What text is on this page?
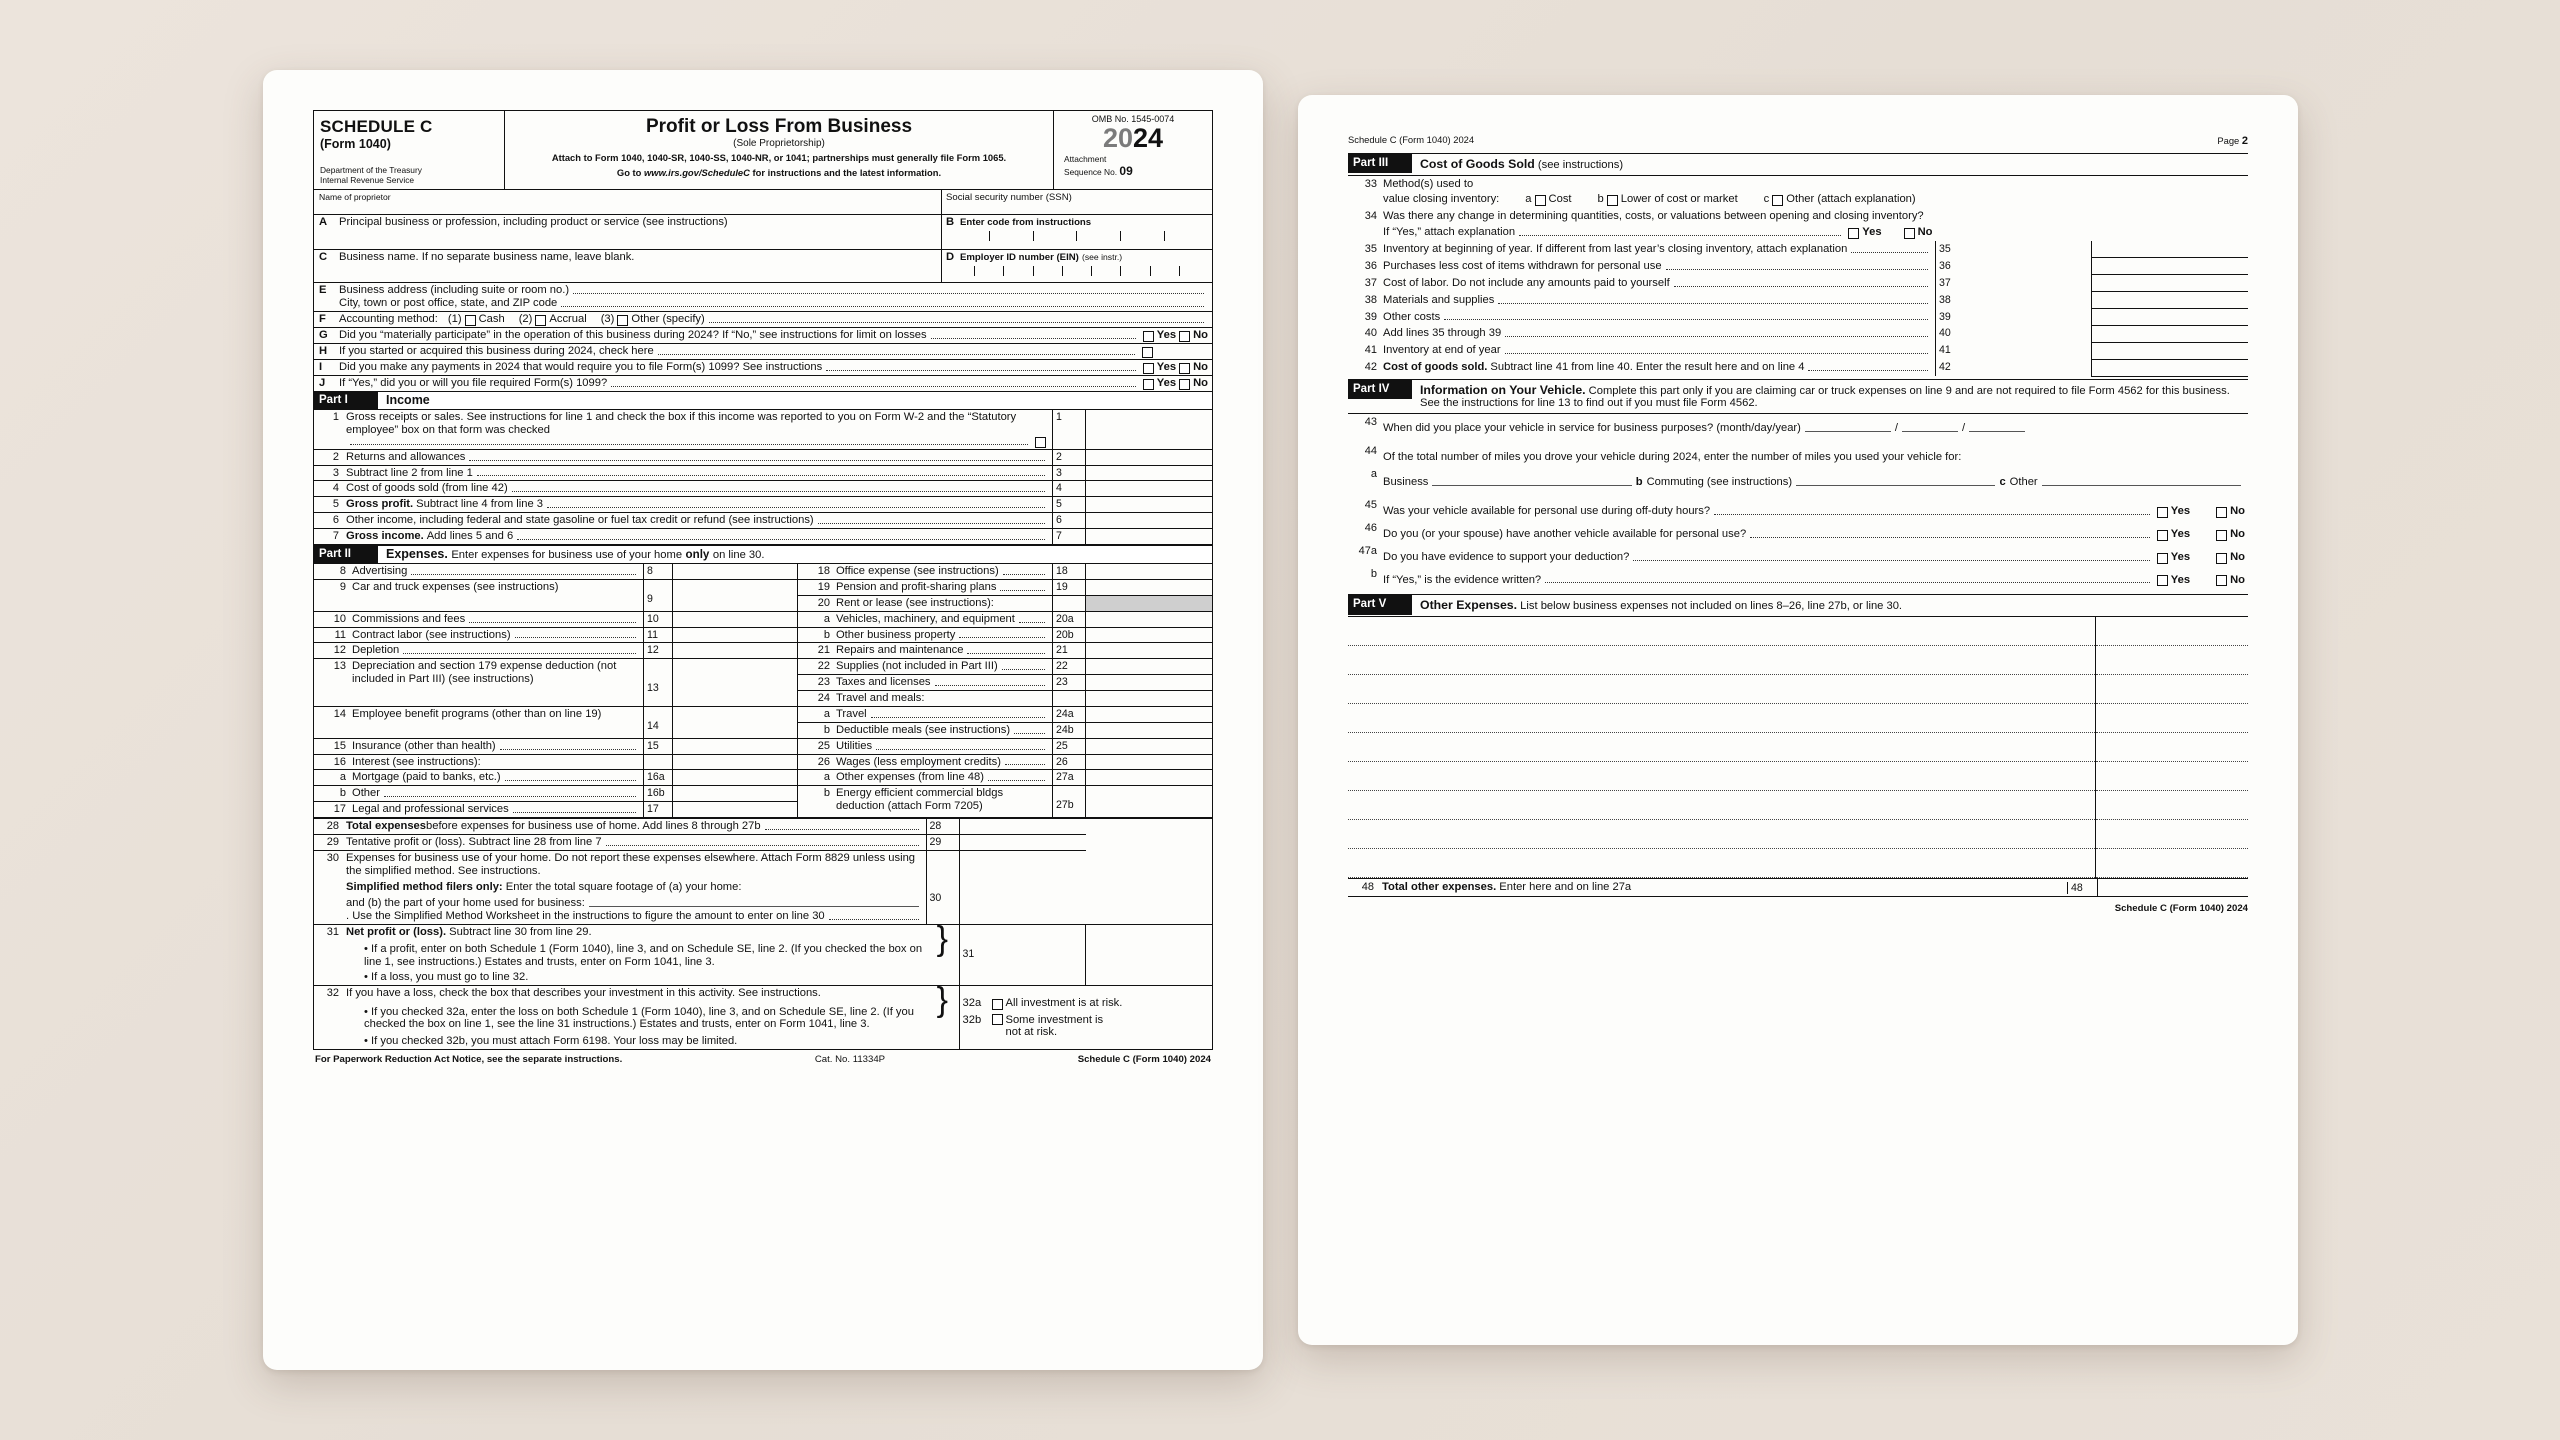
SCHEDULE C
(Form 1040)
Department of the Treasury
Internal Revenue Service
Profit or Loss From Business
(Sole Proprietorship)
Attach to Form 1040, 1040-SR, 1040-SS, 1040-NR, or 1041; partnerships must generally file Form 1065.
Go to www.irs.gov/ScheduleC for instructions and the latest information.
OMB No. 1545-0074
2024
Attachment
Sequence No. 09
Name of proprietor	Social security number (SSN)
A Principal business or profession, including product or service (see instructions)	B Enter code from instructions
C Business name. If no separate business name, leave blank.	D Employer ID number (EIN) (see instr.)
E	Business address (including suite or room no.)
City, town or post office, state, and ZIP code
F	Accounting method: (1) Cash (2) Accrual (3) Other (specify)
G	Did you “materially participate” in the operation of this business during 2024? If “No,” see instructions for limit on losses	Yes No
H	If you started or acquired this business during 2024, check here
I	Did you make any payments in 2024 that would require you to file Form(s) 1099? See instructions	Yes No
J	If “Yes,” did you or will you file required Form(s) 1099?	Yes No
Part I	Income
1	Gross receipts or sales. See instructions for line 1 and check the box if this income was reported to you on Form W-2 and the “Statutory employee” box on that form was checked	1	
2	Returns and allowances	2	
3	Subtract line 2 from line 1	3	
4	Cost of goods sold (from line 42)	4	
5	Gross profit. Subtract line 4 from line 3	5	
6	Other income, including federal and state gasoline or fuel tax credit or refund (see instructions)	6	
7	Gross income. Add lines 5 and 6	7	
Part II	Expenses. Enter expenses for business use of your home only on line 30.
8	Advertising	8		18	Office expense (see instructions)	18	
9	Car and truck expenses (see instructions)	9		19	Pension and profit-sharing plans	19	
				20	Rent or lease (see instructions):		
10	Commissions and fees	10		a	Vehicles, machinery, and equipment	20a	
11	Contract labor (see instructions)	11		b	Other business property	20b	
12	Depletion	12		21	Repairs and maintenance	21	
13	Depreciation and section 179 expense deduction (not included in Part III) (see instructions)	13		22	Supplies (not included in Part III)	22	
				23	Taxes and licenses	23	
				24	Travel and meals:		
14	Employee benefit programs (other than on line 19)	14		a	Travel	24a	
				b	Deductible meals (see instructions)	24b	
15	Insurance (other than health)	15		25	Utilities	25	
16	Interest (see instructions):			26	Wages (less employment credits)	26	
a	Mortgage (paid to banks, etc.)	16a		a	Other expenses (from line 48)	27a	
b	Other	16b		b	Energy efficient commercial bldgs deduction (attach Form 7205)	27b	

17	Legal and professional services	17					
28	Total expenses before expenses for business use of home. Add lines 8 through 27b	28		
29	Tentative profit or (loss). Subtract line 28 from line 7	29		
30	Expenses for business use of your home. Do not report these expenses elsewhere. Attach Form 8829 unless using the simplified method. See instructions.
Simplified method filers only: Enter the total square footage of (a) your home:
and (b) the part of your home used for business:
. Use the Simplified Method Worksheet in the instructions to figure the amount to enter on line 30	30		

31	Net profit or (loss). Subtract line 30 from line 29.
• If a profit, enter on both Schedule 1 (Form 1040), line 3, and on Schedule SE, line 2. (If you checked the box on line 1, see instructions.) Estates and trusts, enter on Form 1041, line 3.
• If a loss, you must go to line 32.	}	31	

32	If you have a loss, check the box that describes your investment in this activity. See instructions.
• If you checked 32a, enter the loss on both Schedule 1 (Form 1040), line 3, and on Schedule SE, line 2. (If you checked the box on line 1, see the line 31 instructions.) Estates and trusts, enter on Form 1041, line 3.
• If you checked 32b, you must attach Form 6198. Your loss may be limited.
	}	32a	All investment is at risk.
32b	Some investment is not at risk.
For Paperwork Reduction Act Notice, see the separate instructions.	Cat. No. 11334P	Schedule C (Form 1040) 2024
Schedule C (Form 1040) 2024	Page 2
Part III	Cost of Goods Sold (see instructions)
33	Method(s) used to
value closing inventory: a Cost b Lower of cost or market c Other (attach explanation)

34	Was there any change in determining quantities, costs, or valuations between opening and closing inventory?
If “Yes,” attach explanation Yes No		

35	Inventory at beginning of year. If different from last year’s closing inventory, attach explanation	35	
36	Purchases less cost of items withdrawn for personal use	36	
37	Cost of labor. Do not include any amounts paid to yourself	37	
38	Materials and supplies	38	
39	Other costs	39	
40	Add lines 35 through 39	40	
41	Inventory at end of year	41	
42	Cost of goods sold. Subtract line 41 from line 40. Enter the result here and on line 4	42	
Part IV	Information on Your Vehicle. Complete this part only if you are claiming car or truck expenses on line 9 and are not required to file Form 4562 for this business. See the instructions for line 13 to find out if you must file Form 4562.
43	When did you place your vehicle in service for business purposes? (month/day/year) / /

44	Of the total number of miles you drove your vehicle during 2024, enter the number of miles you used your vehicle for:
a	Business b Commuting (see instructions) c Other

45	Was your vehicle available for personal use during off-duty hours? Yes No

46	Do you (or your spouse) have another vehicle available for personal use? Yes No

47a	Do you have evidence to support your deduction? Yes No

b	If “Yes,” is the evidence written? Yes No
Part V	Other Expenses. List below business expenses not included on lines 8–26, line 27b, or line 30.

48 Total other expenses. Enter here and on line 27a	48
Schedule C (Form 1040) 2024
